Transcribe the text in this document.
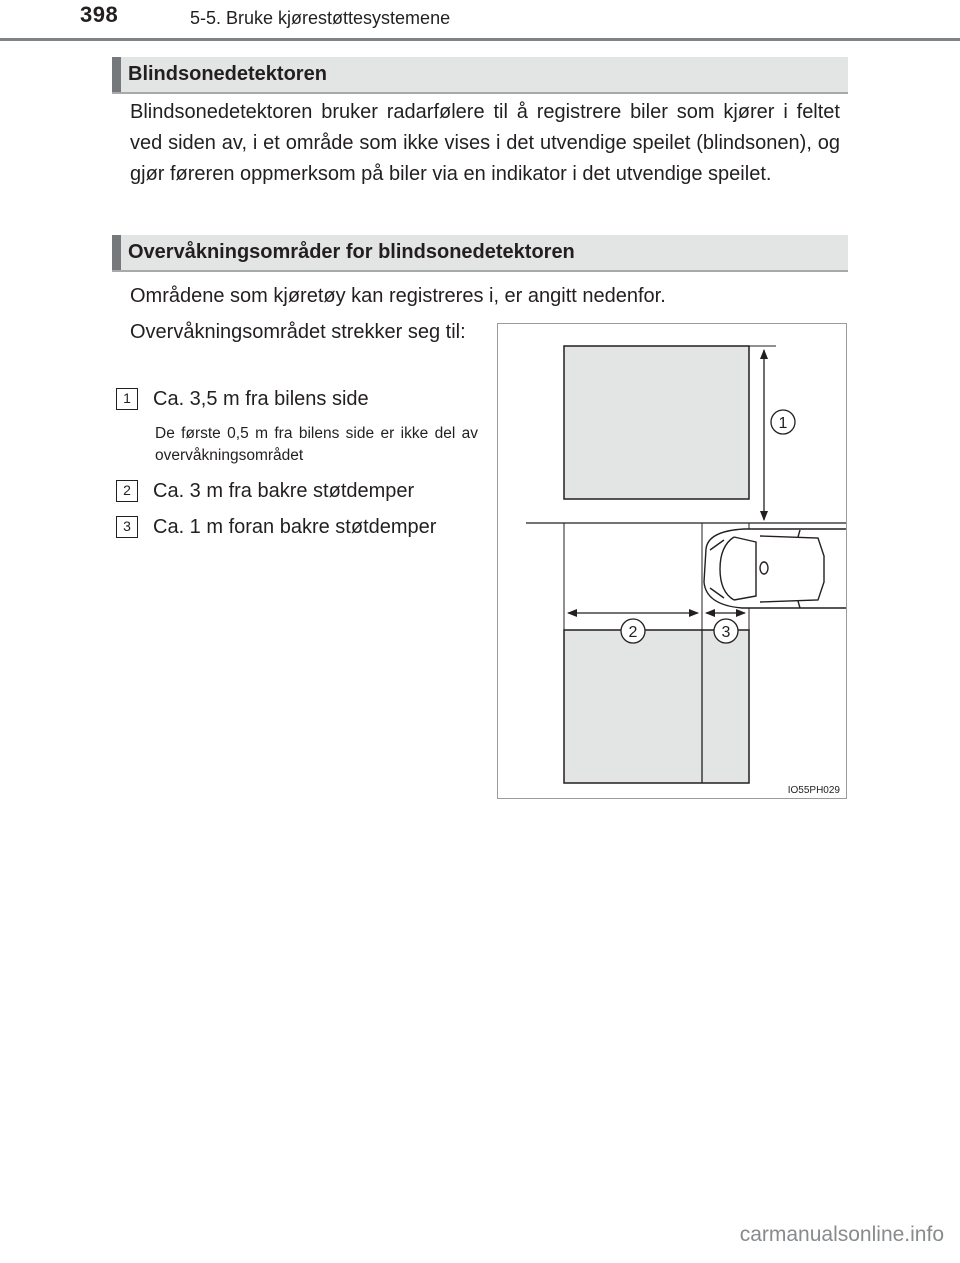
398	5-5. Bruke kjørestøttesystemene
Blindsonedetektoren
Blindsonedetektoren bruker radarfølere til å registrere biler som kjører i feltet ved siden av, i et område som ikke vises i det utvendige speilet (blindsonen), og gjør føreren oppmerksom på biler via en indikator i det utvendige speilet.
Overvåkningsområder for blindsonedetektoren
Områdene som kjøretøy kan registreres i, er angitt nedenfor.
Overvåkningsområdet strekker seg til:
1 Ca. 3,5 m fra bilens side
De første 0,5 m fra bilens side er ikke del av overvåkningsområdet
2 Ca. 3 m fra bakre støtdemper
3 Ca. 1 m foran bakre støtdemper
1
2	3
IO55PH029
carmanualsonline.info
